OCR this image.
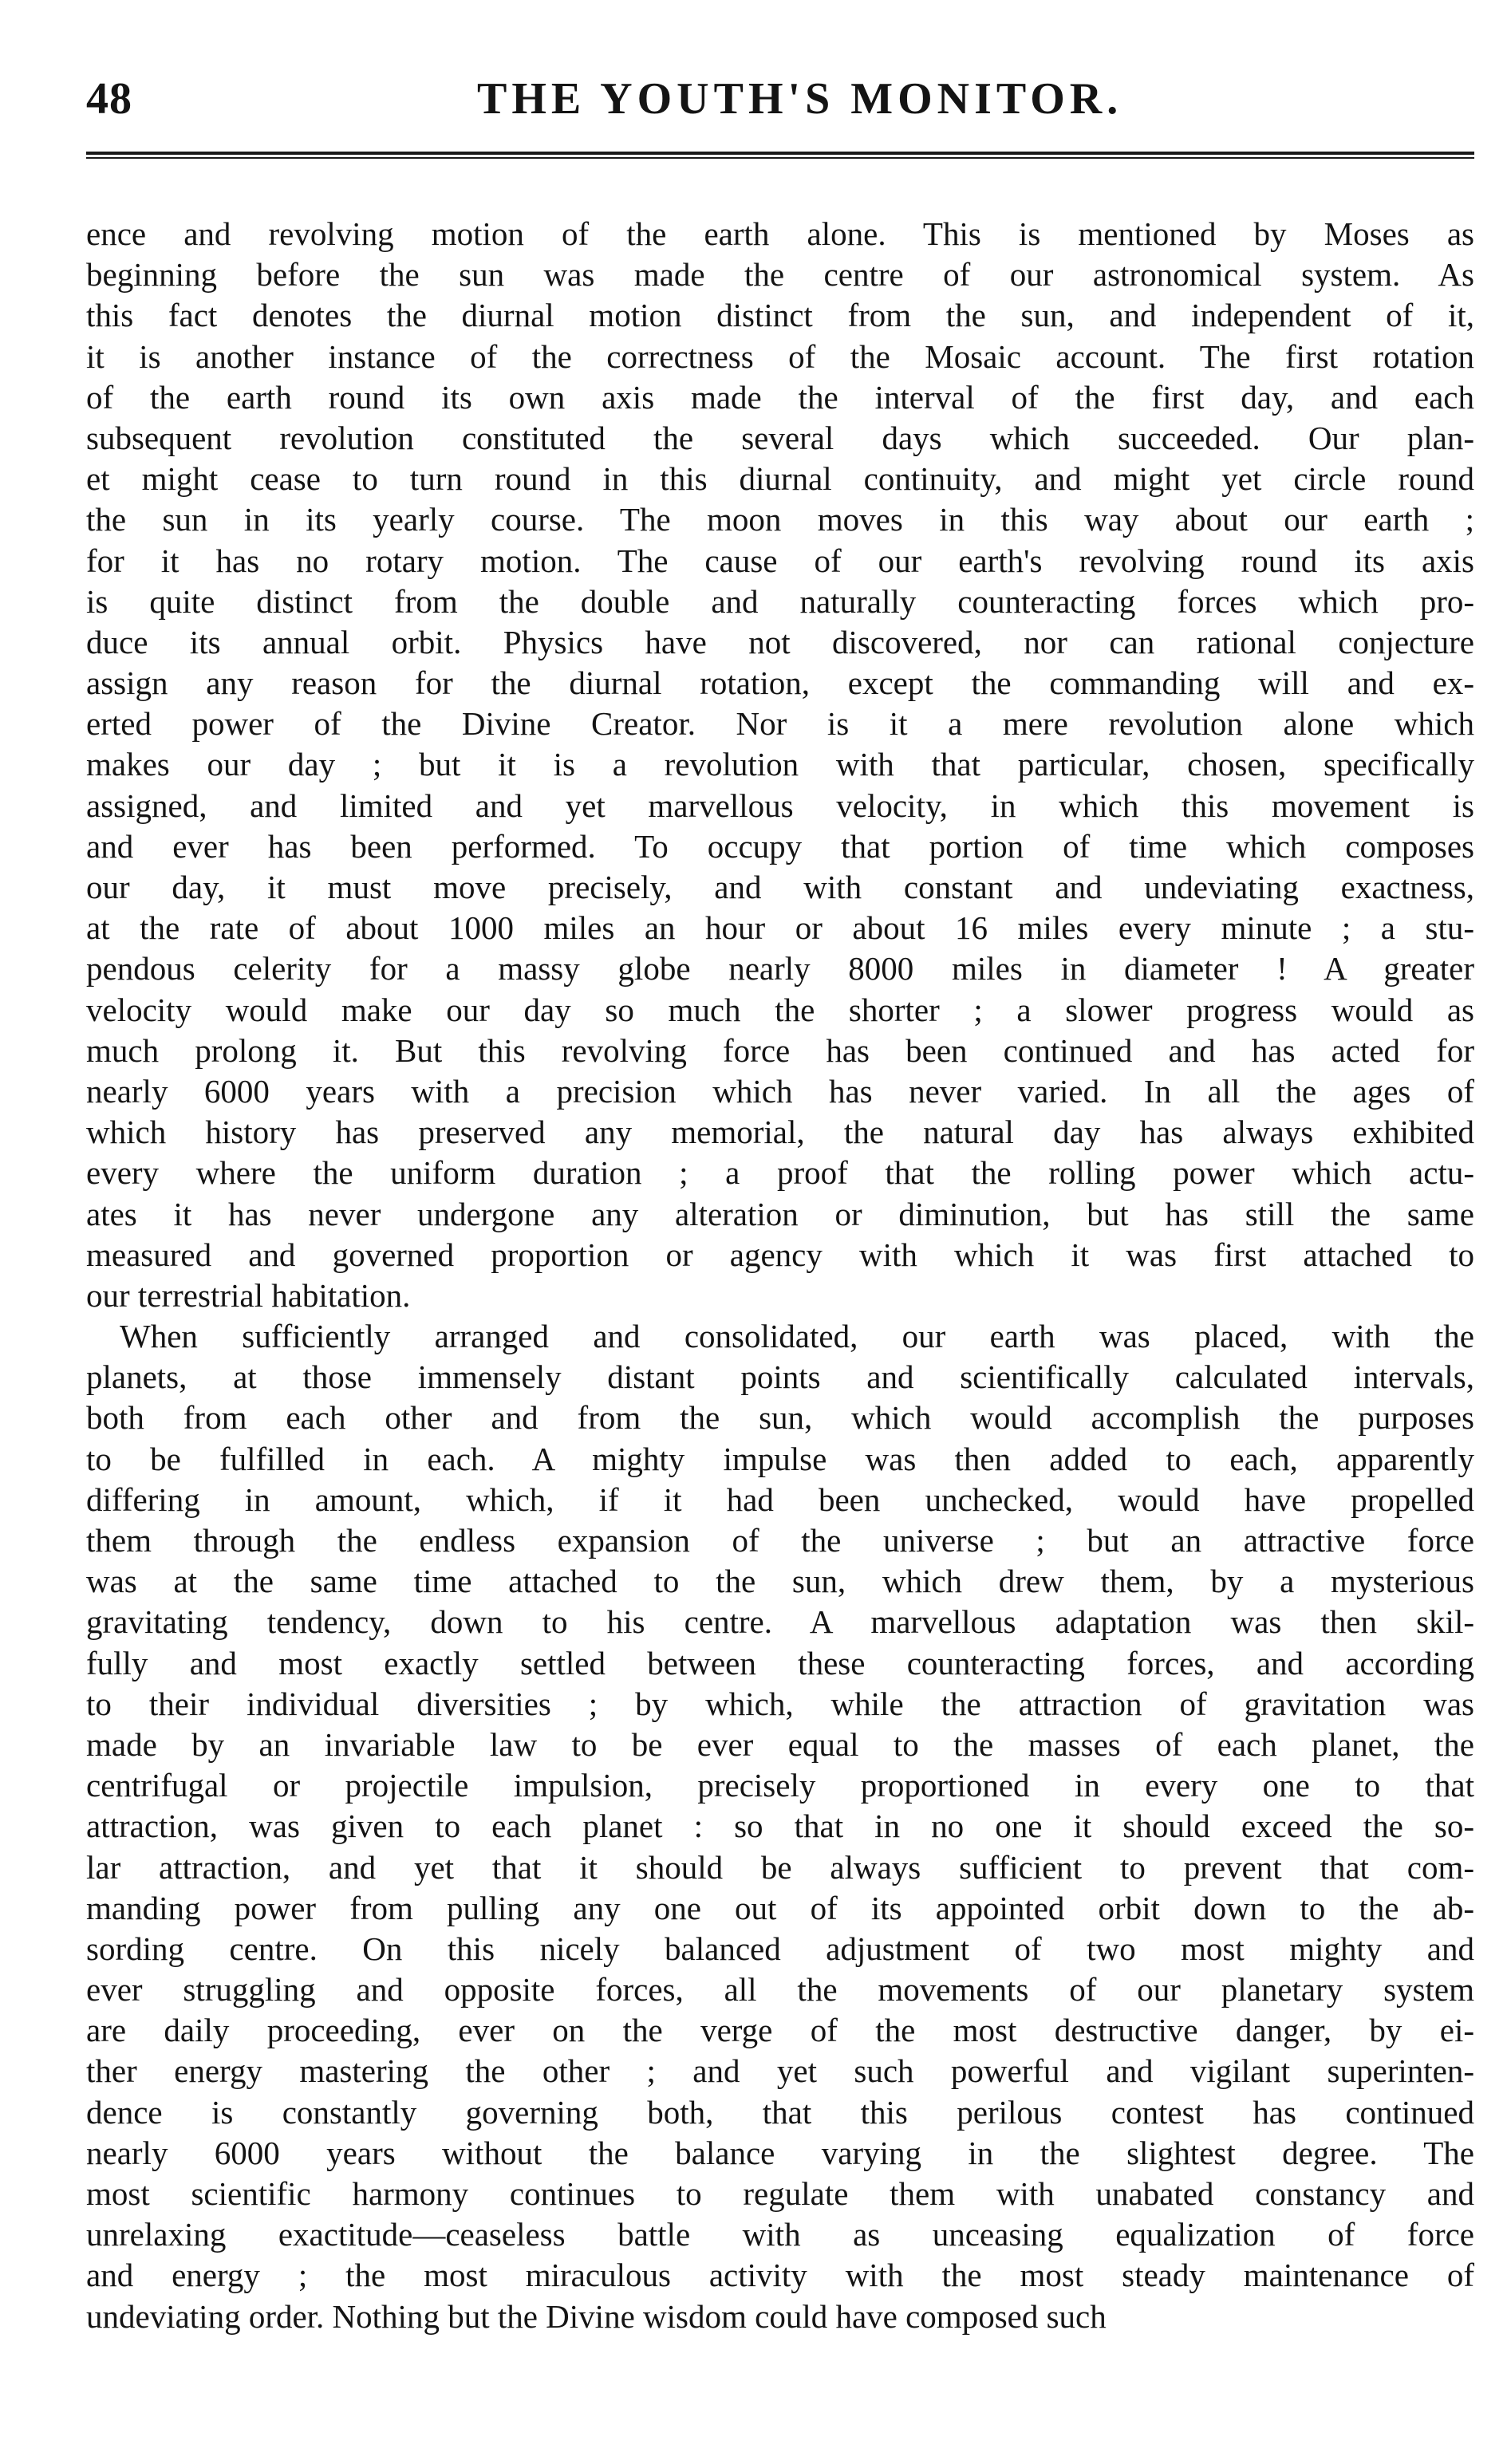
48	THE YOUTH'S MONITOR.
ence and revolving motion of the earth alone. This is mentioned by Moses as
beginning before the sun was made the centre of our astronomical system. As
this fact denotes the diurnal motion distinct from the sun, and independent of it,
it is another instance of the correctness of the Mosaic account. The first rotation
of the earth round its own axis made the interval of the first day, and each
subsequent revolution constituted the several days which succeeded. Our plan-
et might cease to turn round in this diurnal continuity, and might yet circle round
the sun in its yearly course. The moon moves in this way about our earth ;
for it has no rotary motion. The cause of our earth's revolving round its axis
is quite distinct from the double and naturally counteracting forces which pro-
duce its annual orbit. Physics have not discovered, nor can rational conjecture
assign any reason for the diurnal rotation, except the commanding will and ex-
erted power of the Divine Creator. Nor is it a mere revolution alone which
makes our day ; but it is a revolution with that particular, chosen, specifically
assigned, and limited and yet marvellous velocity, in which this movement is
and ever has been performed. To occupy that portion of time which composes
our day, it must move precisely, and with constant and undeviating exactness,
at the rate of about 1000 miles an hour or about 16 miles every minute ; a stu-
pendous celerity for a massy globe nearly 8000 miles in diameter ! A greater
velocity would make our day so much the shorter ; a slower progress would as
much prolong it. But this revolving force has been continued and has acted for
nearly 6000 years with a precision which has never varied. In all the ages of
which history has preserved any memorial, the natural day has always exhibited
every where the uniform duration ; a proof that the rolling power which actu-
ates it has never undergone any alteration or diminution, but has still the same
measured and governed proportion or agency with which it was first attached to
our terrestrial habitation.
When sufficiently arranged and consolidated, our earth was placed, with the
planets, at those immensely distant points and scientifically calculated intervals,
both from each other and from the sun, which would accomplish the purposes
to be fulfilled in each. A mighty impulse was then added to each, apparently
differing in amount, which, if it had been unchecked, would have propelled
them through the endless expansion of the universe ; but an attractive force
was at the same time attached to the sun, which drew them, by a mysterious
gravitating tendency, down to his centre. A marvellous adaptation was then skil-
fully and most exactly settled between these counteracting forces, and according
to their individual diversities ; by which, while the attraction of gravitation was
made by an invariable law to be ever equal to the masses of each planet, the
centrifugal or projectile impulsion, precisely proportioned in every one to that
attraction, was given to each planet : so that in no one it should exceed the so-
lar attraction, and yet that it should be always sufficient to prevent that com-
manding power from pulling any one out of its appointed orbit down to the ab-
sording centre. On this nicely balanced adjustment of two most mighty and
ever struggling and opposite forces, all the movements of our planetary system
are daily proceeding, ever on the verge of the most destructive danger, by ei-
ther energy mastering the other ; and yet such powerful and vigilant superinten-
dence is constantly governing both, that this perilous contest has continued
nearly 6000 years without the balance varying in the slightest degree. The
most scientific harmony continues to regulate them with unabated constancy and
unrelaxing exactitude—ceaseless battle with as unceasing equalization of force
and energy ; the most miraculous activity with the most steady maintenance of
undeviating order. Nothing but the Divine wisdom could have composed such
